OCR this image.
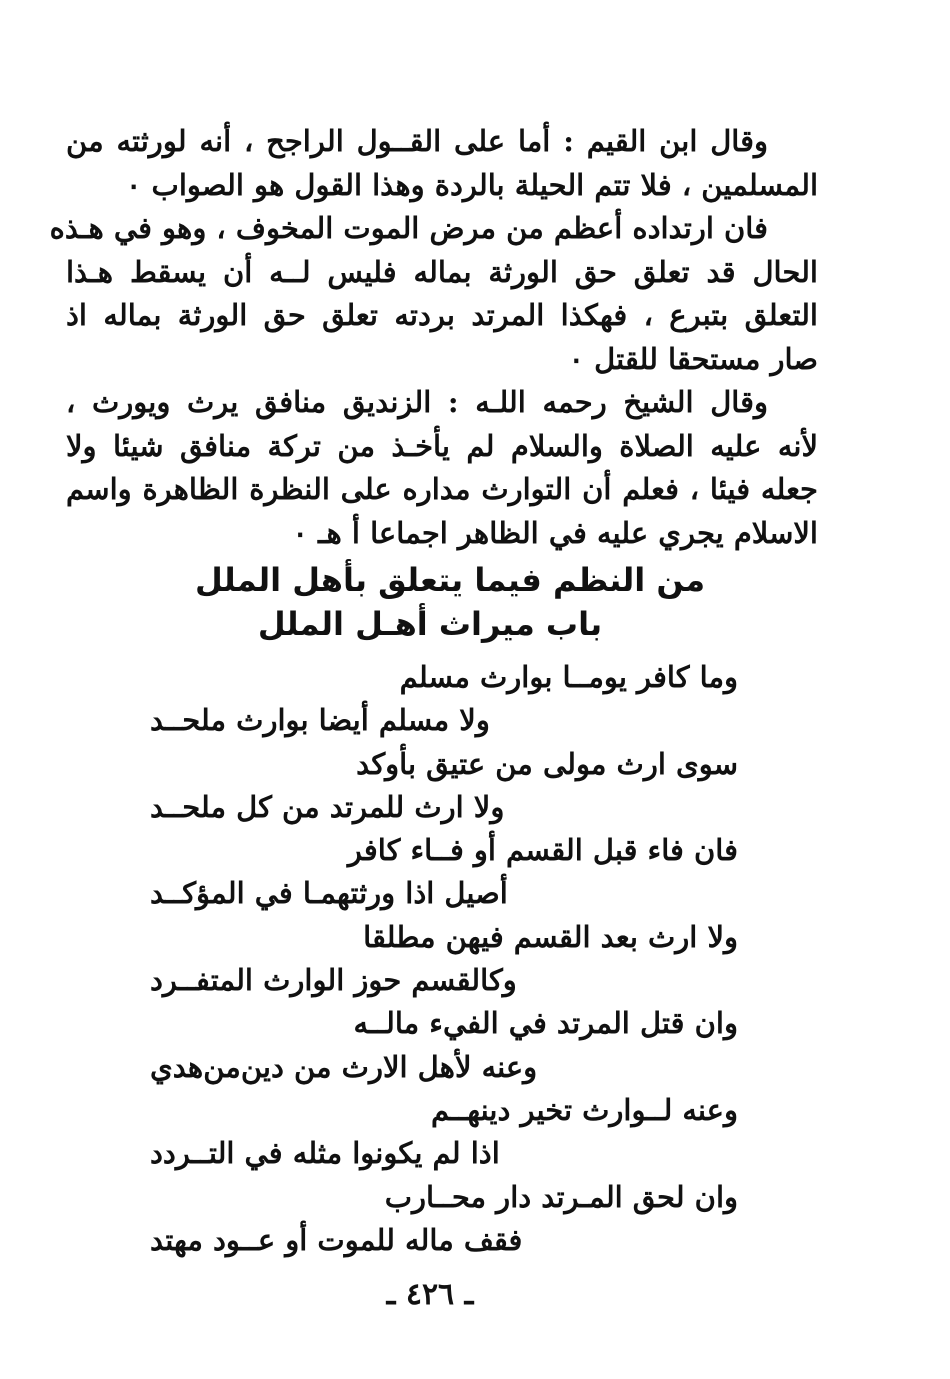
وقال ابن القيم : أما على القــول الراجح ، أنه لورثته من
المسلمين ، فلا تتم الحيلة بالردة وهذا القول هو الصواب ٠

فان ارتداده أعظم من مرض الموت المخوف ، وهو في هـذه
الحال قد تعلق حق الورثة بماله فليس لــه أن يسقط هـذا
التعلق بتبرع ، فهكذا المرتد بردته تعلق حق الورثة بماله اذ
صار مستحقا للقتل ٠

وقال الشيخ رحمه اللـه : الزنديق منافق يرث ويورث ،
لأنه عليه الصلاة والسلام لم يأخـذ من تركة منافق شيئا ولا
جعله فيئا ، فعلم أن التوارث مداره على النظرة الظاهرة واسم
الاسلام يجري عليه في الظاهر اجماعا أ هـ ٠

من النظم فيما يتعلق بأهل الملل
باب ميراث أهـل الملل
وما كافر يومــا بوارث مسلم
ولا مسلم أيضا بوارث ملحــد
سوى ارث مولى من عتيق بأوكد
ولا ارث للمرتد من كل ملحــد
فان فاء قبل القسم أو فــاء كافر
أصيل اذا ورثتهمـا في المؤكــد
ولا ارث بعد القسم فيهن مطلقا
وكالقسم حوز الوارث المتفــرد
وان قتل المرتد في الفيء مالــه
وعنه لأهل الارث من دين‌من‌هدي
وعنه لــوارث تخير دينهــم
اذا لم يكونوا مثله في التــردد
وان لحق المـرتد دار محــارب
فقف ماله للموت أو عــود مهتد
ـ ٤٢٦ ـ
